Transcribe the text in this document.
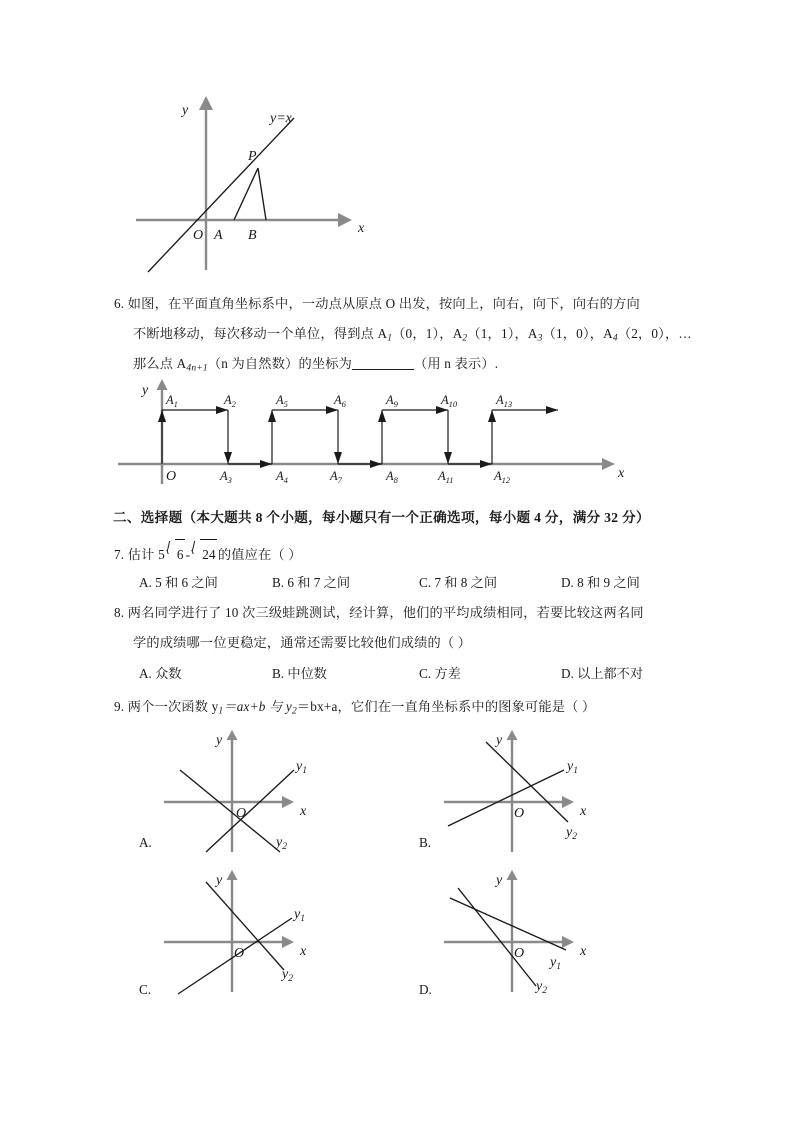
y
x
O A B
P
y=x
6. 如图，在平面直角坐标系中，一动点从原点 O 出发，按向上，向右，向下，向右的方向
不断地移动，每次移动一个单位，得到点 $A_1(0$，1），$A_2(1$，1），$A_3(1$，0），$A_4(2$，0），…
那么点 $A_{4n+1}(n$ 为自然数）的坐标为	（用 n 表示）.
y
x
O
A1	A2	A5	A6	A9	A10	A13
A3	A4	A7	A8	A11	A12
二、选择题（本大题共 8 个小题，每小题只有一个正确选项，每小题 4 分，满分 32 分）
7. 估计 5 6 - 24 的值应在（ ）
A. 5 和 6 之间	B. 6 和 7 之间	C. 7 和 8 之间	D. 8 和 9 之间
8. 两名同学进行了 10 次三级蛙跳测试，经计算，他们的平均成绩相同，若要比较这两名同
学的成绩哪一位更稳定，通常还需要比较他们成绩的（ ）
A. 众数	B. 中位数	C. 方差	D. 以上都不对
9. 两个一次函数 $y_1=ax+b$ 与 $y_2=bx+a$，它们在一直角坐标系中的图象可能是（ ）
y
x
O
y1
y2
A.
y
x
O
y1
y2
B.
y
x
O
y1
y2
C.
y
x
O
y1
y2
D.
